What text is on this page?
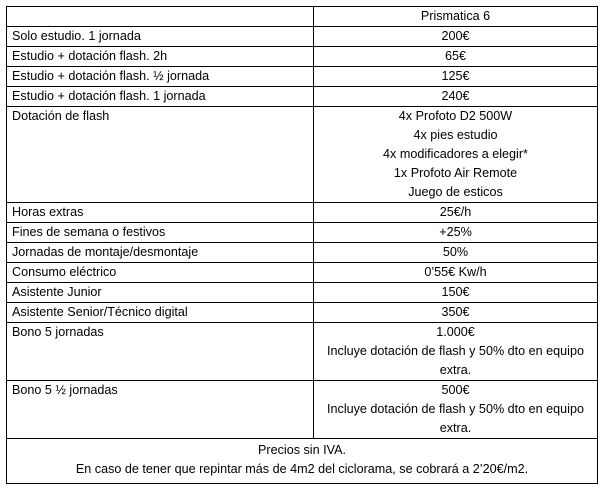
	Prismatica 6
Solo estudio. 1 jornada	200€

Estudio + dotación flash. 2h	65€

Estudio + dotación flash. ½ jornada	125€

Estudio + dotación flash. 1 jornada	240€

Dotación de flash	4x Profoto D2 500W
4x pies estudio
4x modificadores a elegir*
1x Profoto Air Remote
Juego de esticos

Horas extras	25€/h

Fines de semana o festivos	+25%

Jornadas de montaje/desmontaje	50%

Consumo eléctrico	0’55€ Kw/h

Asistente Junior	150€

Asistente Senior/Técnico digital	350€

Bono 5 jornadas	1.000€
Incluye dotación de flash y 50% dto en equipo
extra.

Bono 5 ½ jornadas	500€
Incluye dotación de flash y 50% dto en equipo
extra.

Precios sin IVA.
En caso de tener que repintar más de 4m2 del ciclorama, se cobrará a 2’20€/m2.	
